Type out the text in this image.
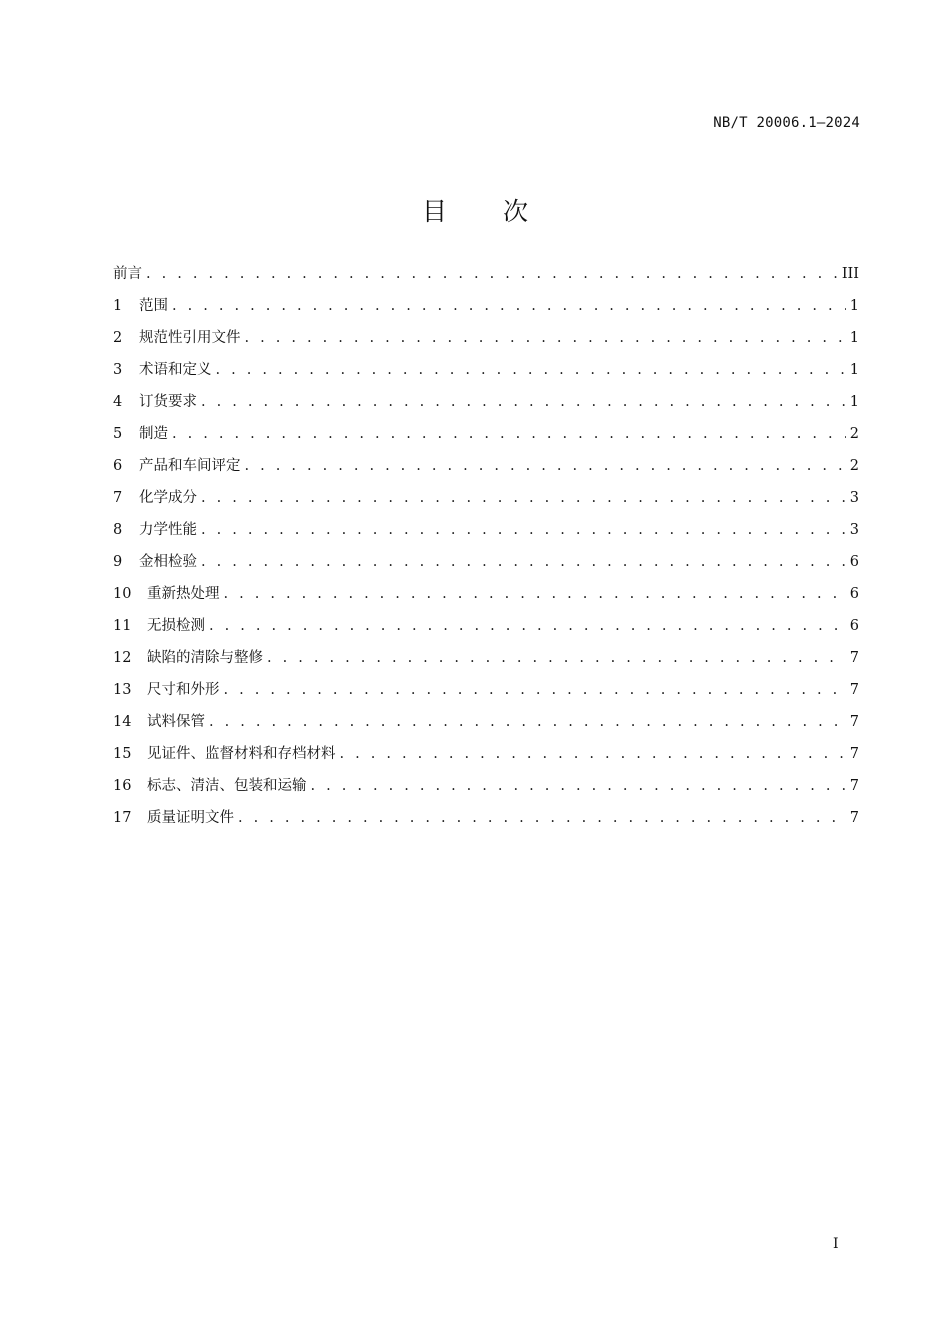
NB/T 20006.1—2024
目次
前言 . . .	III
1	范围 . . .	1
2	规范性引用文件 . . .	1
3	术语和定义 . . .	1
4	订货要求 . . .	1
5	制造 . . .	2
6	产品和车间评定 . . .	2
7	化学成分 . . .	3
8	力学性能 . . .	3
9	金相检验 . . .	6
10	重新热处理 . . .	6
11	无损检测 . . .	6
12	缺陷的清除与整修 . . .	7
13	尺寸和外形 . . .	7
14	试料保管 . . .	7
15	见证件、监督材料和存档材料 . . .	7
16	标志、清洁、包装和运输 . . .	7
17	质量证明文件 . . .	7
I
